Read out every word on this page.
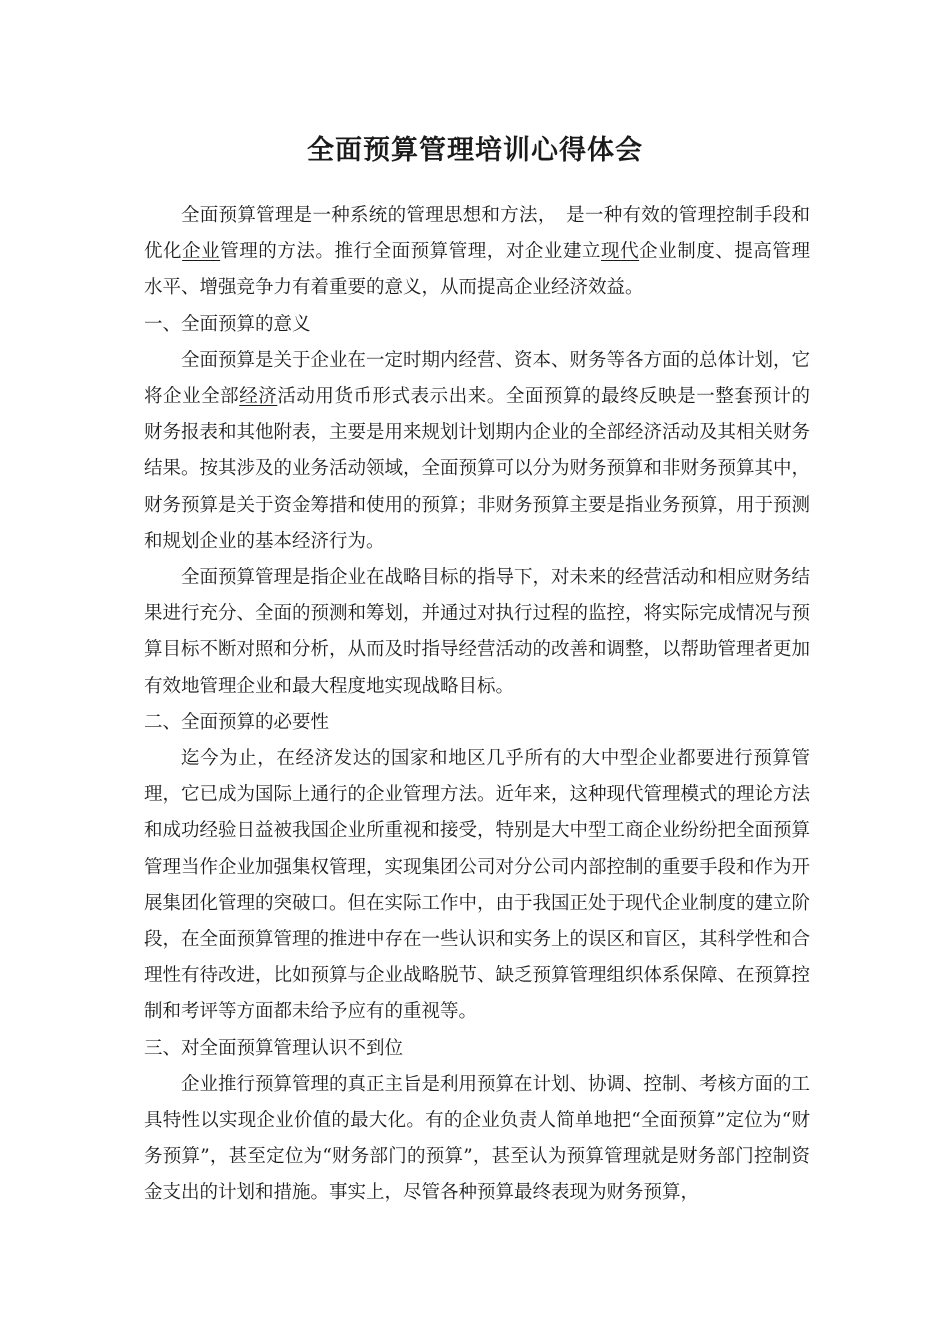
全面预算管理培训心得体会

全面预算管理是一种系统的管理思想和方法，　是一种有效的管理控制手段和优化企业管理的方法。推行全面预算管理，对企业建立现代企业制度、提高管理水平、增强竞争力有着重要的意义，从而提高企业经济效益。

一、全面预算的意义

全面预算是关于企业在一定时期内经营、资本、财务等各方面的总体计划，它将企业全部经济活动用货币形式表示出来。全面预算的最终反映是一整套预计的财务报表和其他附表，主要是用来规划计划期内企业的全部经济活动及其相关财务结果。按其涉及的业务活动领域，全面预算可以分为财务预算和非财务预算其中，财务预算是关于资金筹措和使用的预算；非财务预算主要是指业务预算，用于预测和规划企业的基本经济行为。

全面预算管理是指企业在战略目标的指导下，对未来的经营活动和相应财务结果进行充分、全面的预测和筹划，并通过对执行过程的监控，将实际完成情况与预算目标不断对照和分析，从而及时指导经营活动的改善和调整，以帮助管理者更加有效地管理企业和最大程度地实现战略目标。

二、全面预算的必要性

迄今为止，在经济发达的国家和地区几乎所有的大中型企业都要进行预算管理，它已成为国际上通行的企业管理方法。近年来，这种现代管理模式的理论方法和成功经验日益被我国企业所重视和接受，特别是大中型工商企业纷纷把全面预算管理当作企业加强集权管理，实现集团公司对分公司内部控制的重要手段和作为开展集团化管理的突破口。但在实际工作中，由于我国正处于现代企业制度的建立阶段，在全面预算管理的推进中存在一些认识和实务上的误区和盲区，其科学性和合理性有待改进，比如预算与企业战略脱节、缺乏预算管理组织体系保障、在预算控制和考评等方面都未给予应有的重视等。

三、对全面预算管理认识不到位

企业推行预算管理的真正主旨是利用预算在计划、协调、控制、考核方面的工具特性以实现企业价值的最大化。有的企业负责人简单地把“全面预算”定位为“财务预算”，甚至定位为“财务部门的预算”，甚至认为预算管理就是财务部门控制资金支出的计划和措施。事实上，尽管各种预算最终表现为财务预算，
